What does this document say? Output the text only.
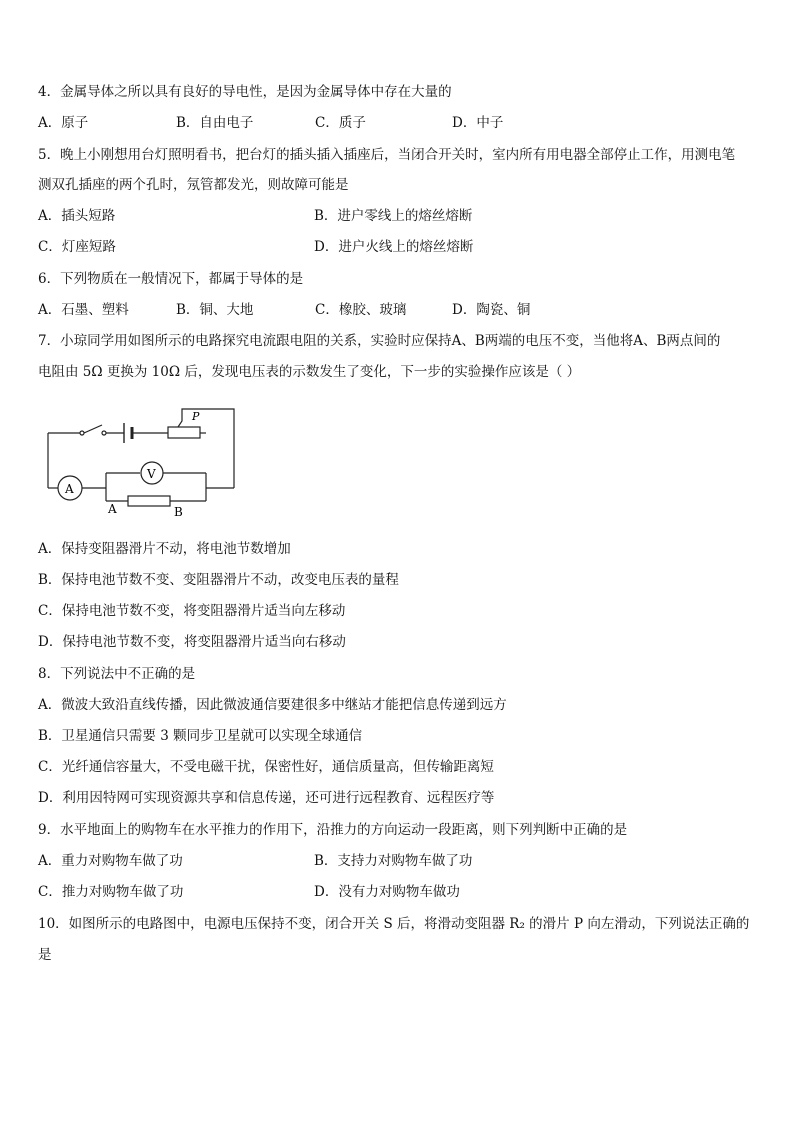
4．金属导体之所以具有良好的导电性，是因为金属导体中存在大量的
A．原子	B．自由电子	C．质子	D．中子
5．晚上小刚想用台灯照明看书，把台灯的插头插入插座后，当闭合开关时，室内所有用电器全部停止工作，用测电笔
测双孔插座的两个孔时，氖管都发光，则故障可能是
A．插头短路	B．进户零线上的熔丝熔断
C．灯座短路	D．进户火线上的熔丝熔断
6．下列物质在一般情况下，都属于导体的是
A．石墨、塑料	B．铜、大地	C．橡胶、玻璃	D．陶瓷、铜
7．小琼同学用如图所示的电路探究电流跟电阻的关系，实验时应保持A、B两端的电压不变，当他将A、B两点间的
电阻由 5Ω 更换为 10Ω 后，发现电压表的示数发生了变化，下一步的实验操作应该是（ ）
P
V
A
A	B
A．保持变阻器滑片不动，将电池节数增加
B．保持电池节数不变、变阻器滑片不动，改变电压表的量程
C．保持电池节数不变，将变阻器滑片适当向左移动
D．保持电池节数不变，将变阻器滑片适当向右移动
8．下列说法中不正确的是
A．微波大致沿直线传播，因此微波通信要建很多中继站才能把信息传递到远方
B．卫星通信只需要 3 颗同步卫星就可以实现全球通信
C．光纤通信容量大，不受电磁干扰，保密性好，通信质量高，但传输距离短
D．利用因特网可实现资源共享和信息传递，还可进行远程教育、远程医疗等
9．水平地面上的购物车在水平推力的作用下，沿推力的方向运动一段距离，则下列判断中正确的是
A．重力对购物车做了功	B．支持力对购物车做了功
C．推力对购物车做了功	D．没有力对购物车做功
10．如图所示的电路图中，电源电压保持不变，闭合开关 S 后，将滑动变阻器 R₂ 的滑片 P 向左滑动，下列说法正确的
是
